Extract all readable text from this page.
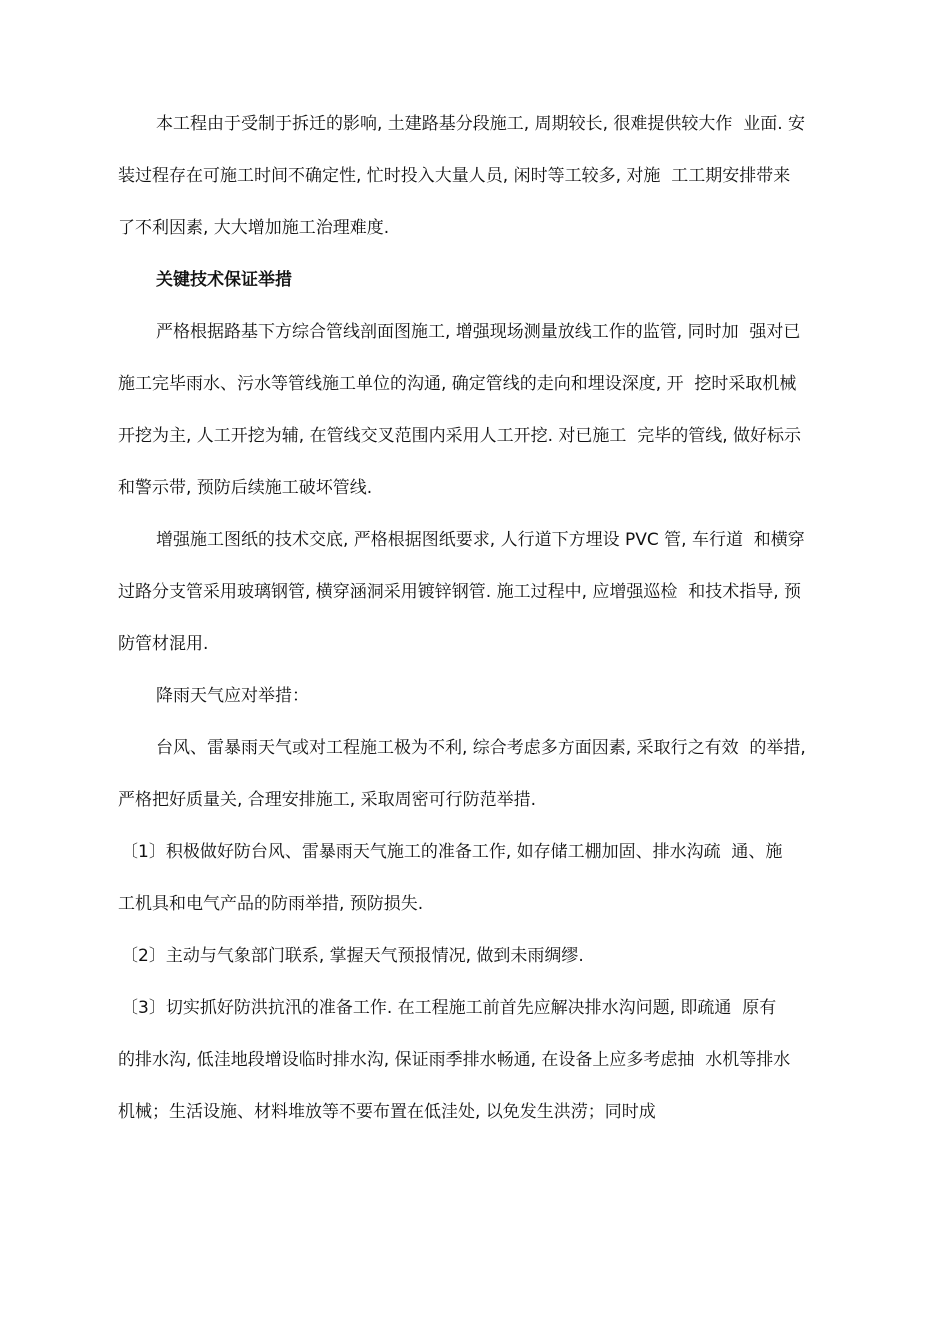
本工程由于受制于拆迁的影响, 土建路基分段施工, 周期较长, 很难提供较大作  业面. 安
装过程存在可施工时间不确定性, 忙时投入大量人员, 闲时等工较多, 对施  工工期安排带来
了不利因素, 大大增加施工治理难度.
关键技术保证举措
严格根据路基下方综合管线剖面图施工, 增强现场测量放线工作的监管, 同时加  强对已
施工完毕雨水、污水等管线施工单位的沟通, 确定管线的走向和埋设深度, 开  挖时采取机械
开挖为主, 人工开挖为辅, 在管线交叉范围内采用人工开挖. 对已施工  完毕的管线, 做好标示
和警示带, 预防后续施工破坏管线.
增强施工图纸的技术交底, 严格根据图纸要求, 人行道下方埋设 PVC 管, 车行道  和横穿
过路分支管采用玻璃钢管, 横穿涵洞采用镀锌钢管. 施工过程中, 应增强巡检  和技术指导, 预
防管材混用.
降雨天气应对举措：
台风、雷暴雨天气或对工程施工极为不利, 综合考虑多方面因素, 采取行之有效  的举措,
严格把好质量关, 合理安排施工, 采取周密可行防范举措.
〔1〕积极做好防台风、雷暴雨天气施工的准备工作, 如存储工棚加固、排水沟疏  通、施
工机具和电气产品的防雨举措, 预防损失.
〔2〕主动与气象部门联系, 掌握天气预报情况, 做到未雨绸缪.
〔3〕切实抓好防洪抗汛的准备工作. 在工程施工前首先应解决排水沟问题, 即疏通  原有
的排水沟, 低洼地段增设临时排水沟, 保证雨季排水畅通, 在设备上应多考虑抽  水机等排水
机械；生活设施、材料堆放等不要布置在低洼处, 以免发生洪涝；同时成
